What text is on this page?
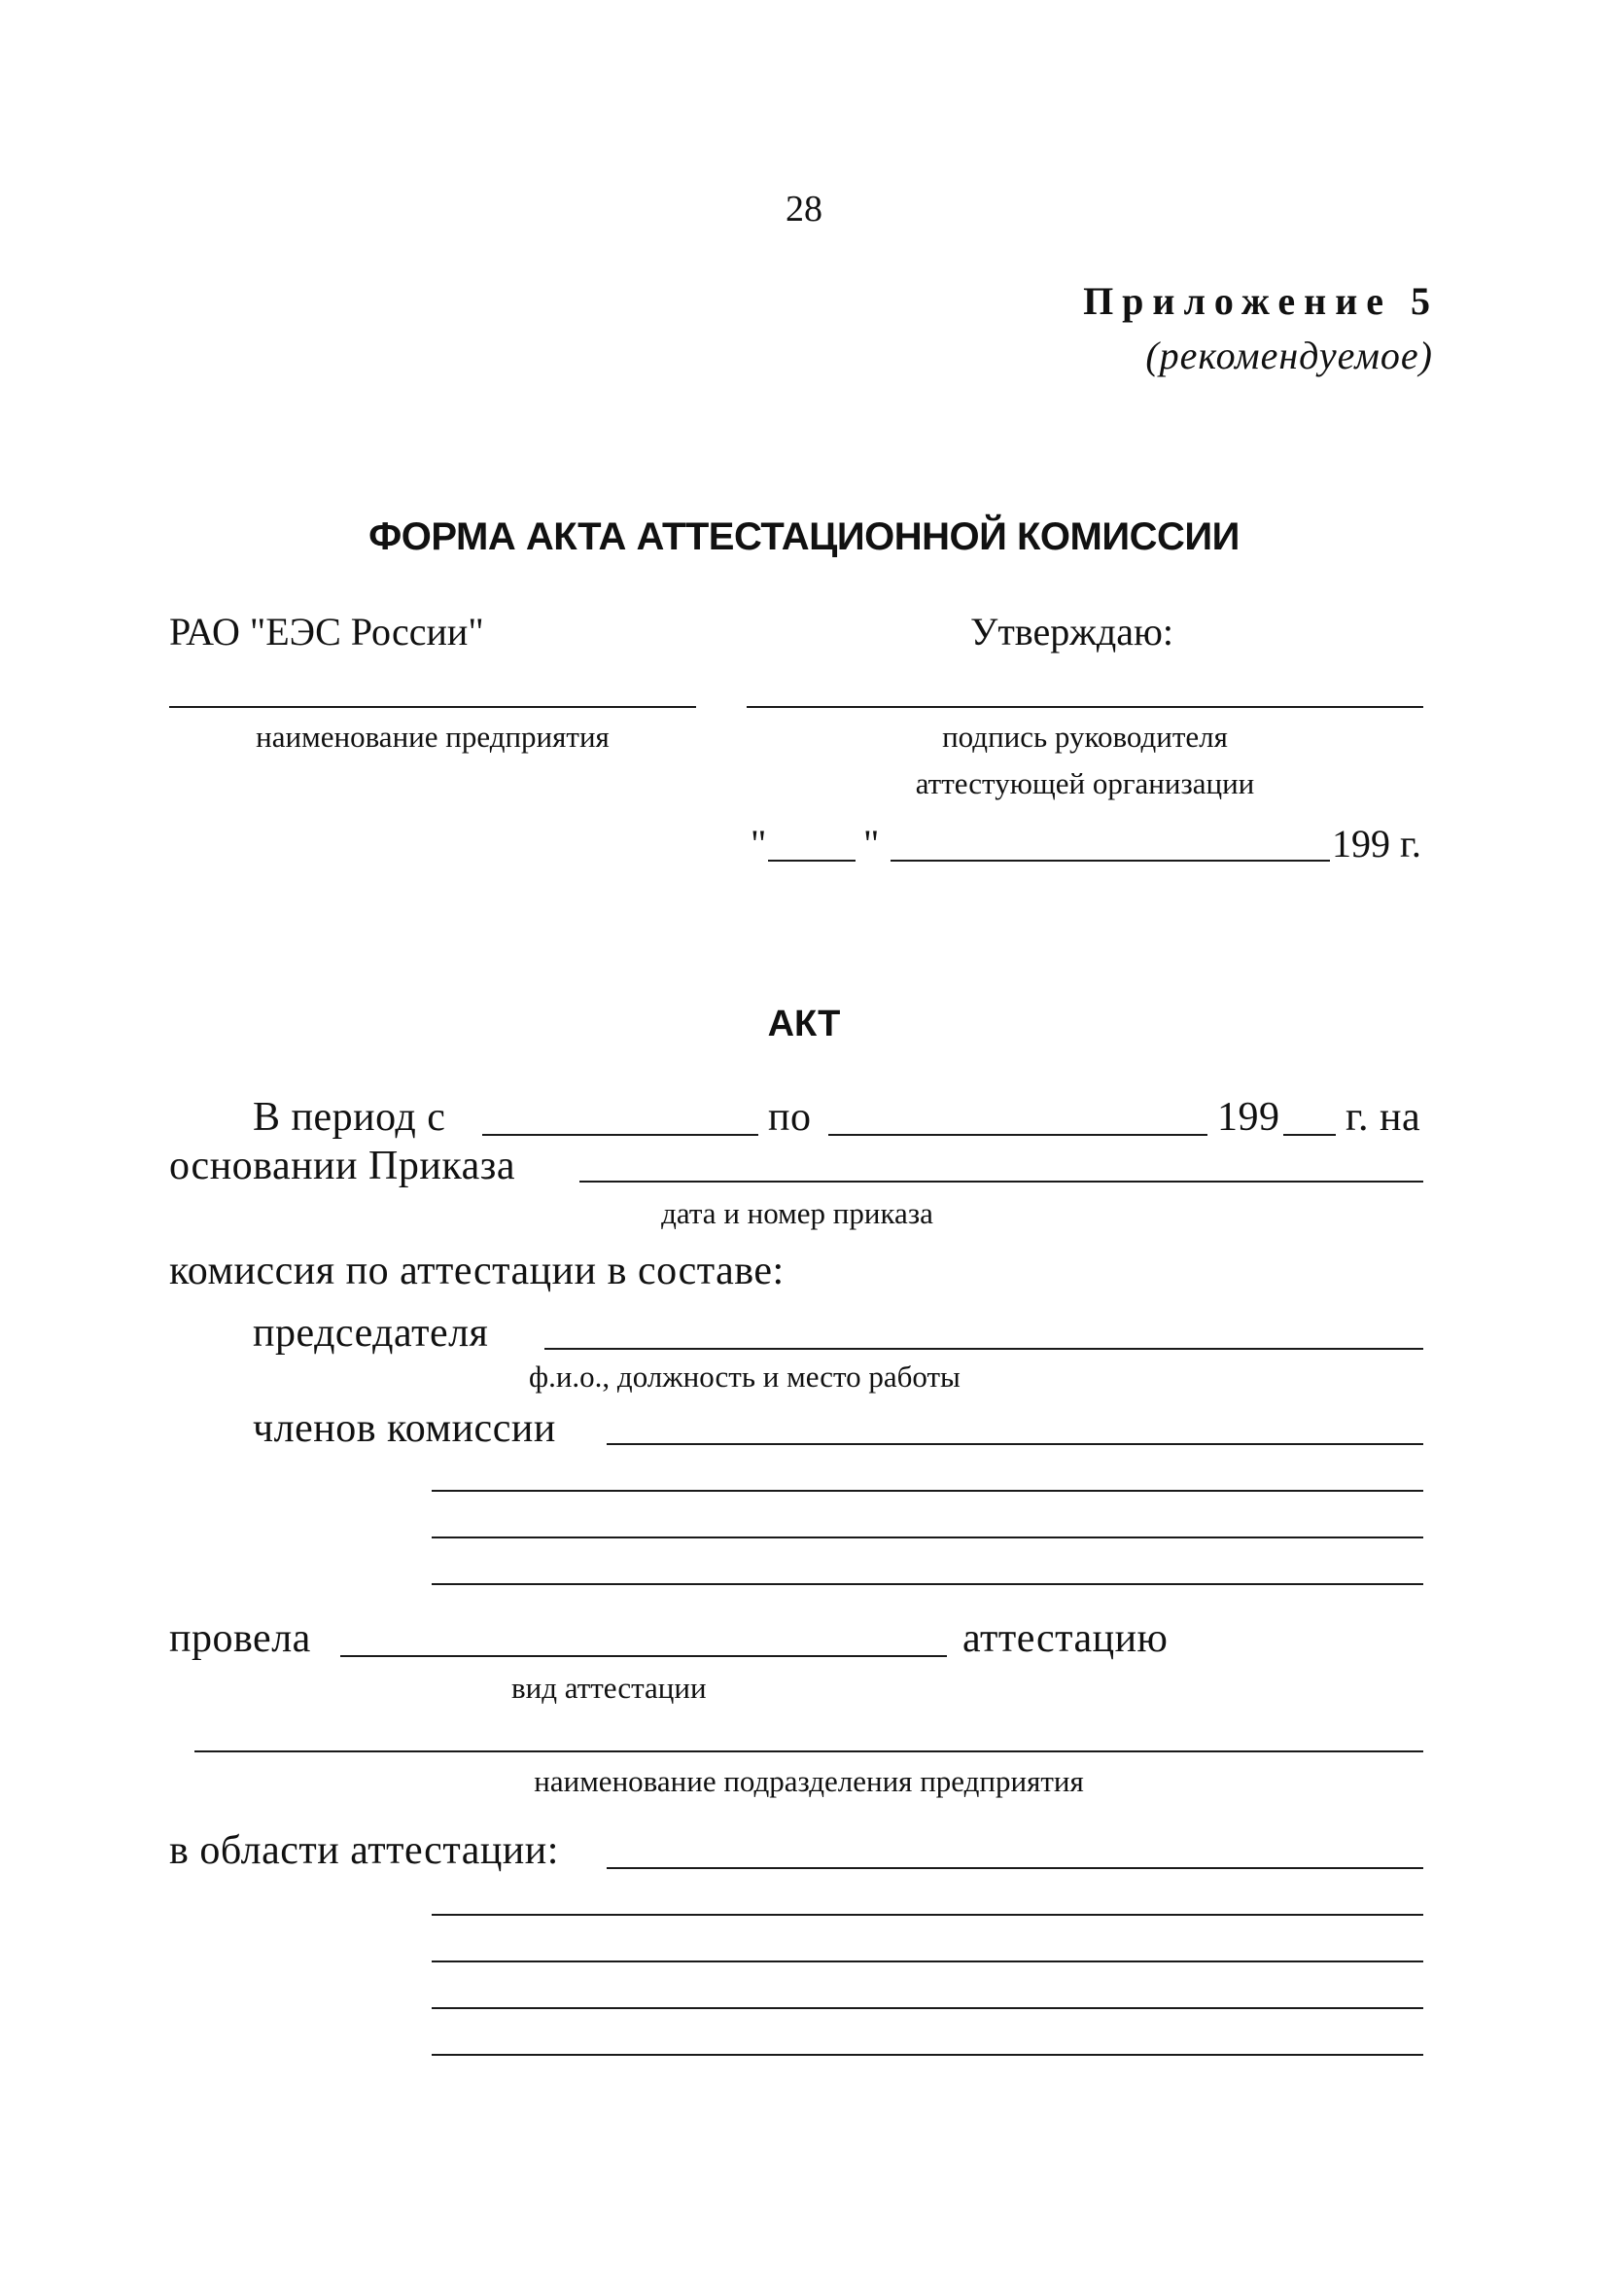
28
Приложение 5
(рекомендуемое)
ФОРМА АКТА АТТЕСТАЦИОННОЙ КОМИССИИ
РАО "ЕЭС России"	Утверждаю:
наименование предприятия	подпись руководителя
аттестующей организации
" "	199 г.
АКТ
В период с	по	199 г. на
основании Приказа
дата и номер приказа
комиссия по аттестации в составе:
председателя
ф.и.о., должность и место работы
членов комиссии
провела	аттестацию
вид аттестации
наименование подразделения предприятия
в области аттестации:
